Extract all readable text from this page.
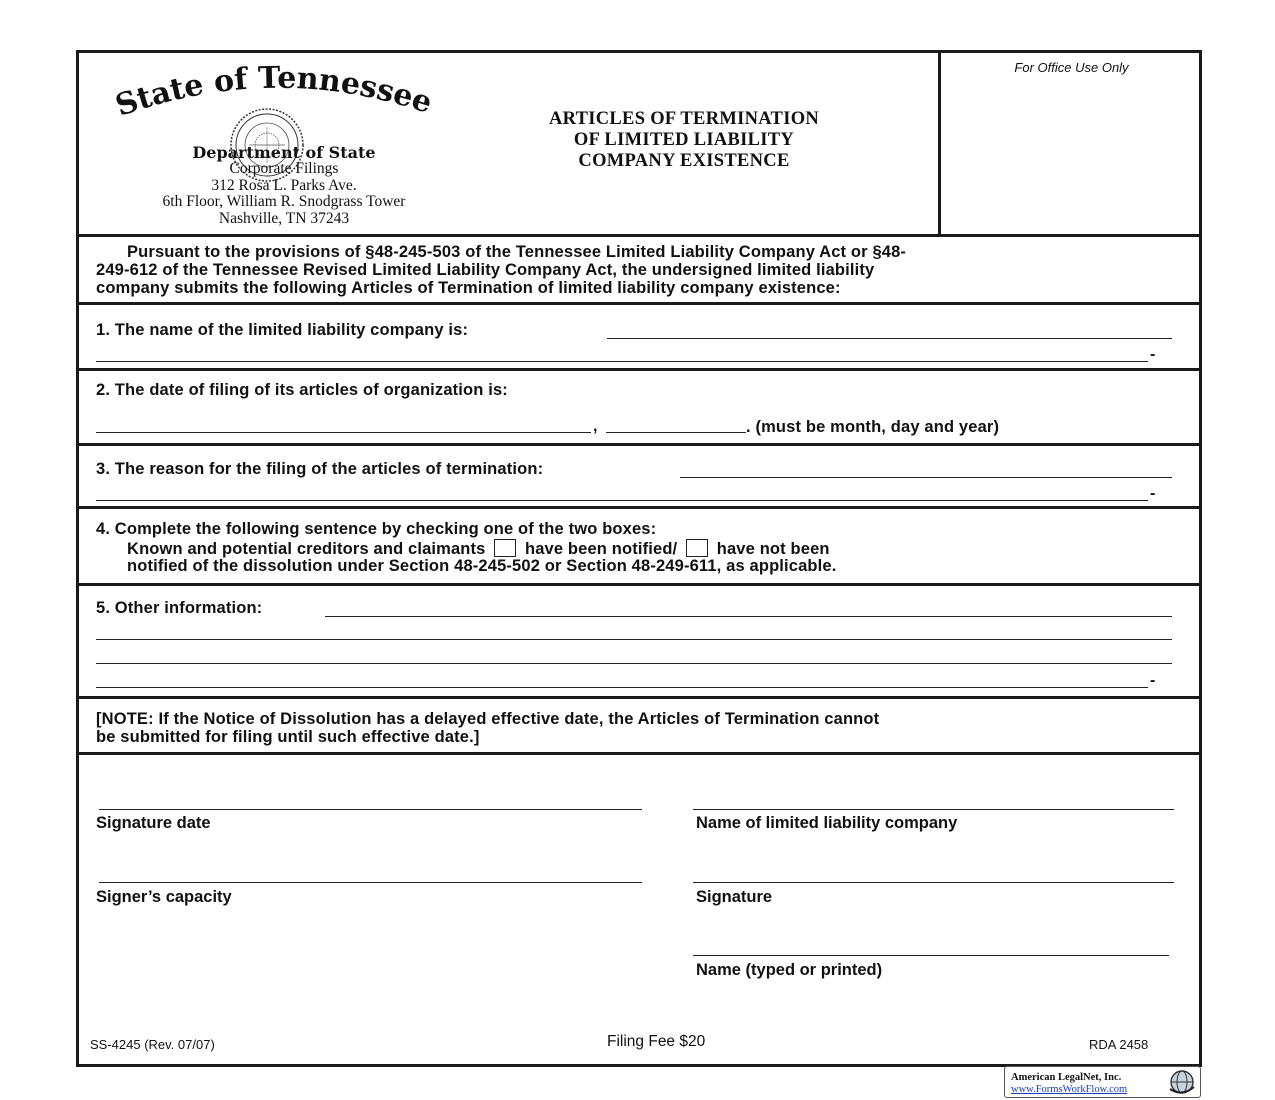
State of Tennessee
Department of State
Corporate Filings
312 Rosa L. Parks Ave.
6th Floor, William R. Snodgrass Tower
Nashville, TN 37243
ARTICLES OF TERMINATION
OF LIMITED LIABILITY
COMPANY EXISTENCE
For Office Use Only
Pursuant to the provisions of §48-245-503 of the Tennessee Limited Liability Company Act or §48-
249-612 of the Tennessee Revised Limited Liability Company Act, the undersigned limited liability
company submits the following Articles of Termination of limited liability company existence:
1. The name of the limited liability company is:
-
2. The date of filing of its articles of organization is:
,	. (must be month, day and year)
3. The reason for the filing of the articles of termination:
-
4. Complete the following sentence by checking one of the two boxes:
Known and potential creditors and claimants have been notified/ have not been
notified of the dissolution under Section 48-245-502 or Section 48-249-611, as applicable.
5. Other information:
-
[NOTE: If the Notice of Dissolution has a delayed effective date, the Articles of Termination cannot
be submitted for filing until such effective date.]
Signature date	Name of limited liability company
Signer’s capacity	Signature
Name (typed or printed)
SS-4245 (Rev. 07/07)	Filing Fee $20	RDA 2458
American LegalNet, Inc.
www.FormsWorkFlow.com
